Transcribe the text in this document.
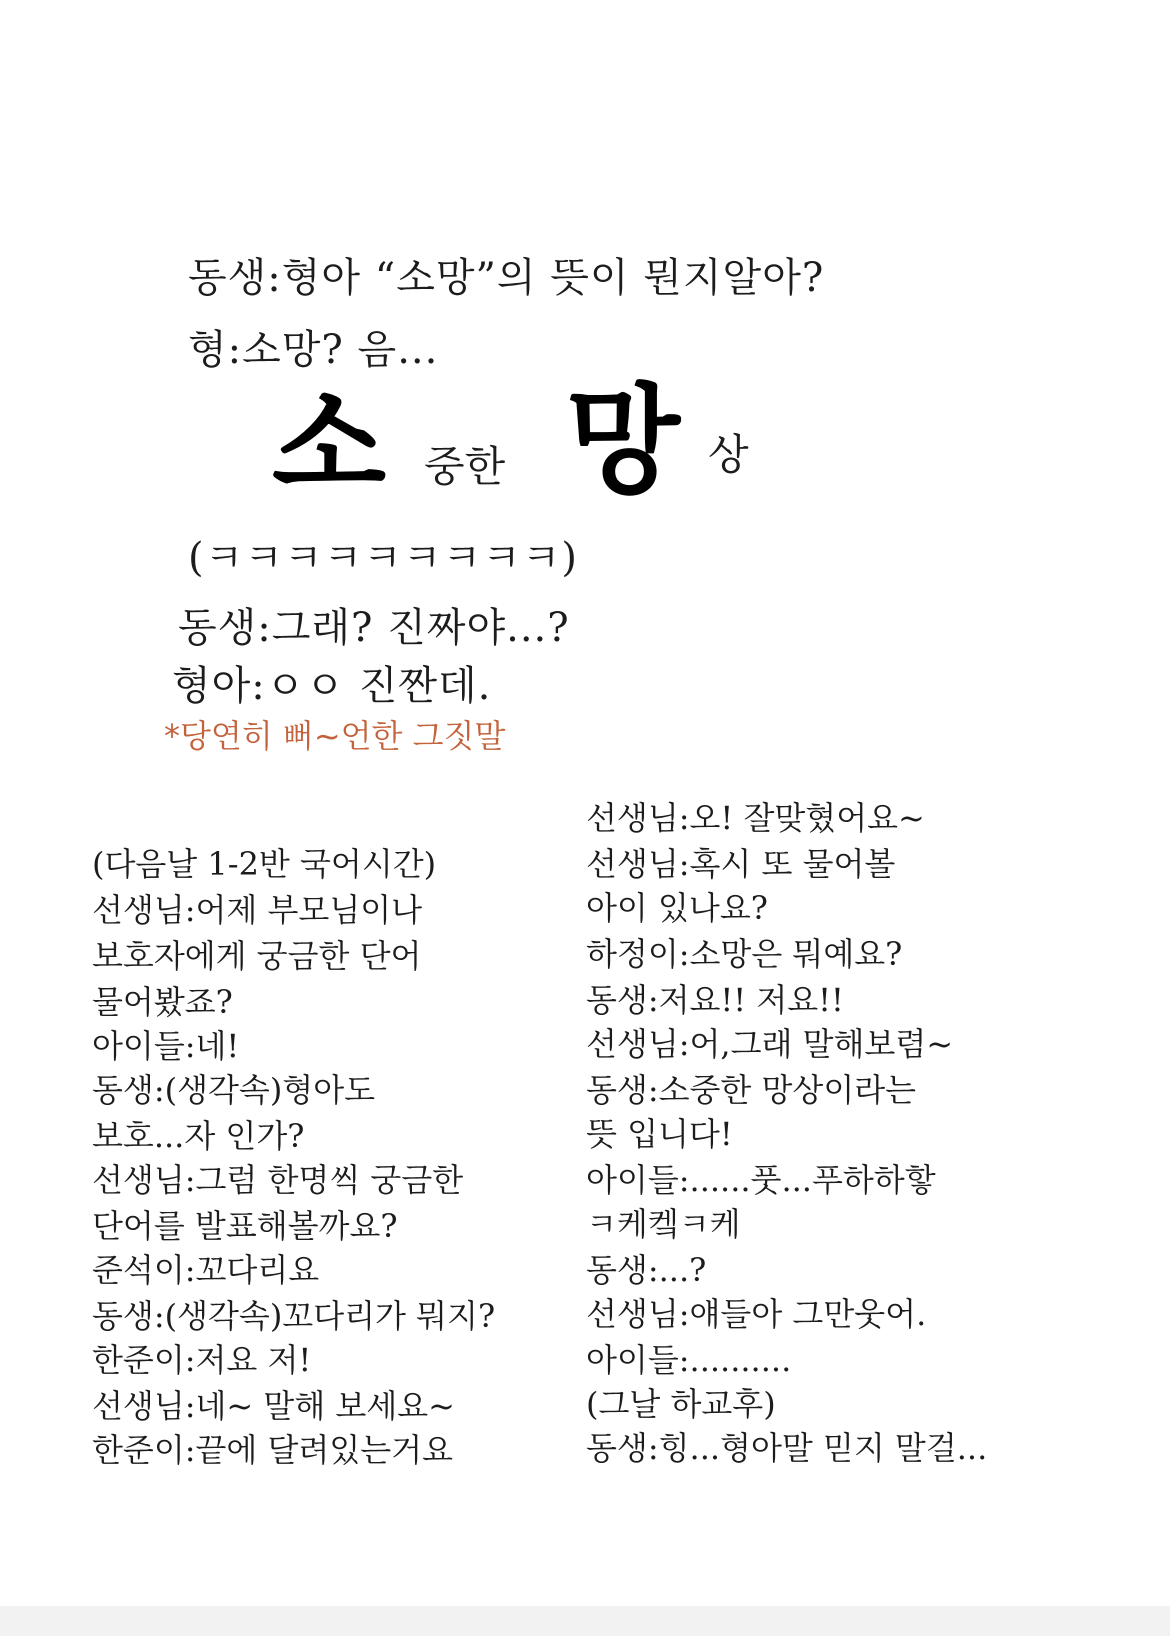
동생:형아 “소망”의 뜻이 뭔지알아?
형:소망? 음...
소 중한 망 상
(ㅋㅋㅋㅋㅋㅋㅋㅋㅋ)
동생:그래? 진짜야...?
형아:ㅇㅇ 진짠데.
*당연히 뻐~언한 그짓말
(다음날 1-2반 국어시간)
선생님:어제 부모님이나
보호자에게 궁금한 단어
물어봤죠?
아이들:네!
동생:(생각속)형아도
보호...자 인가?
선생님:그럼 한명씩 궁금한
단어를 발표해볼까요?
준석이:꼬다리요
동생:(생각속)꼬다리가 뭐지?
한준이:저요 저!
선생님:네~ 말해 보세요~
한준이:끝에 달려있는거요
선생님:오! 잘맞혔어요~
선생님:혹시 또 물어볼
아이 있나요?
하정이:소망은 뭐예요?
동생:저요!! 저요!!
선생님:어,그래 말해보렴~
동생:소중한 망상이라는
뜻 입니다!
아이들:......풋...푸하하핳
ㅋ케켘ㅋ케
동생:...?
선생님:얘들아 그만웃어.
아이들:..........
(그날 하교후)
동생:힝...형아말 믿지 말걸...
